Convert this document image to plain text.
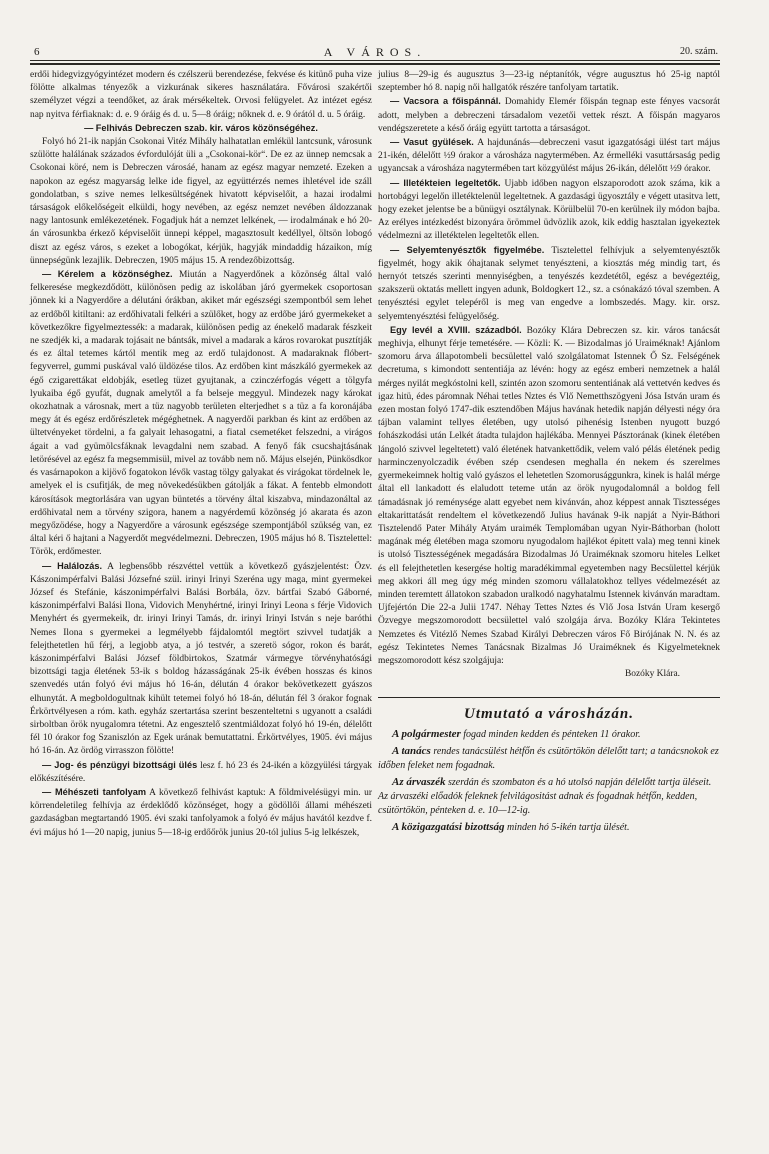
6	A VÁROS.	20. szám.

erdői hidegvizgyógyintézet modern és czélszerü berendezése, fekvése és kitünő puha vize fölötte alkalmas tényezők a vizkurának sikeres használatára. Fővárosi szakértői személyzet végzi a teendőket, az árak mérsékeltek. Orvosi felügyelet. Az intézet egész nap nyitva férfiaknak: d. e. 9 óráig és d. u. 5—8 óráig; nőknek d. e. 9 órától d. u. 5 óráig.

— Felhivás Debreczen szab. kir. város közönségéhez.

Folyó hó 21-ik napján Csokonai Vitéz Mihály halhatatlan emlékül lantcsunk, városunk szülötte halálának százados évfordulóját üli a „Csokonai-kör“. De ez az ünnep nemcsak a Csokonai köré, nem is Debreczen városáé, hanam az egész magyar nemzeté. Ezeken a napokon az egész magyarság lelke ide figyel, az együttérzés nemes ihletével ide száll gondolatban, s szive nemes lelkesültségének hivatott képviselőit, a hazai irodalmi társaságok előkelőségeit elküldi, hogy nevében, az egész nemzet nevében áldozzanak nagy lantosunk emlékezetének. Fogadjuk hát a nemzet lelkének, — irodalmának e hó 20-án városunkba érkező képviselőit ünnepi képpel, magasztosult kedéllyel, öltsön lobogó diszt az egész város, s ezeket a lobogókat, kérjük, hagyják mindaddig házaikon, míg ünnepségünk lezajlik. Debreczen, 1905 május 15. A rendezőbizottság.

— Kérelem a közönséghez. Miután a Nagyerdőnek a közönség által való felkeresése megkezdődött, különösen pedig az iskolában járó gyermekek csoportosan jönnek ki a Nagyerdőre a délutáni órákban, akiket már egészségi szempontból sem lehet az erdőből kitiltani: az erdőhivatali felkéri a szülőket, hogy az erdőbe járó gyermekeket a következőkre figyelmeztessék: a madarak, különösen pedig az énekelő madarak fészkeit ne szedjék ki, a madarak tojásait ne bántsák, mivel a madarak a káros rovarokat pusztítják és ez által tetemes kártól mentik meg az erdő tulajdonost. A madaraknak flóbert-fegyverrel, gummi puskával való üldözése tilos. Az erdőben kint mászkáló gyermekek az égő czigarettákat eldobják, esetleg tüzet gyujtanak, a czinczérfogás végett a tölgyfa lyukaiba égő gyufát, dugnak amelytől a fa belseje meggyul. Mindezek nagy károkat okozhatnak a városnak, mert a tüz nagyobb területen elterjedhet s a tüz a fa koronájába megy át és egész erdőrészletek mégéghetnek. A nagyerdői parkban és kint az erdőben az ültetvényeket tördelni, a fa galyait lehasogatni, a fiatal csemetéket felszedni, a virágos ágait a vad gyümölcsfáknak levagdalni nem szabad. A fenyő fák csucshajtásának letörésével az egész fa megsemmisül, mivel az tovább nem nő. Május elsején, Pünkösdkor és vasárnapokon a kijövő fogatokon lévők vastag tölgy galyakat és virágokat tördelnek le, amelyek el is csufitják, de meg növekedésükben gátolják a fákat. A fentebb elmondott károsítások megtorlására van ugyan büntetés a törvény által kiszabva, mindazonáltal az erdőhivatal nem a törvény szigora, hanem a nagyérdemű közönség jó akarata és azon megyőzödése, hogy a Nagyerdőre a városunk egészsége szempontjából szükség van, ez által kéri ő hajtani a Nagyerdőt megvédelmezni. Debreczen, 1905 május hó 8. Tisztelettel: Török, erdőmester.

— Halálozás. A legbensőbb részvéttel vettük a következő gyászjelentést: Özv. Kászonimpérfalvi Balási Józsefné szül. irinyi Irinyi Szeréna ugy maga, mint gyermekei József és Stefánie, kászonimpérfalvi Balási Borbála, özv. bártfai Szabó Gáborné, kászonimpérfalvi Balási Ilona, Vidovich Menyhértné, irinyi Irinyi Leona s férje Vidovich Menyhért és gyermekeik, dr. irinyi Irinyi Tamás, dr. irinyi Irinyi István s neje baróthi Nemes Ilona s gyermekei a legmélyebb fájdalomtól megtört szivvel tudatják a felejthetetlen hű férj, a legjobb atya, a jó testvér, a szeretö sógor, rokon és barát, kászonimpérfalvi Balási József földbirtokos, Szatmár vármegye törvényhatósági bizottsági tagja életének 53-ik s boldog házasságának 25-ik évében hosszas és kinos szenvedés után folyó évi május hó 16-án, délután 4 órakor bekövetkezett gyászos elhunytát. A megboldogultnak kihült tetemei folyó hó 18-án, délután fél 3 órakor fognak Érkörtvélyesen a róm. kath. egyház szertartása szerint beszenteltetni s ugyanott a családi sirboltban örök nyugalomra tétetni. Az engesztelő szentmiáldozat folyó hó 19-én, délelőtt fél 10 órakor fog Szaniszlón az Egek urának bemutattatni. Érkörtvélyes, 1905. évi május hó 16-án. Az ördög virrasszon fölötte!

— Jog- és pénzügyi bizottsági ülés lesz f. hó 23 és 24-ikén a közgyülési tárgyak előkészítésére.

— Méhészeti tanfolyam A következő felhivást kaptuk: A földmivelésügyi min. ur körrendeletileg felhívja az érdeklődő közönséget, hogy a gödöllői állami méhészeti gazdaságban megtartandó 1905. évi szaki tanfolyamok a folyó év május havától kezdve f. évi május hó 1—20 napig, junius 5—18-ig erdőőrök junius 20-tól julius 5-ig lelkészek,

julius 8—29-ig és augusztus 3—23-ig néptanítók, végre augusztus hó 25-ig naptól szeptember hó 8. napig női hallgatók részére tanfolyam tartatik.

— Vacsora a főispánnál. Domahidy Elemér főispán tegnap este fényes vacsorát adott, melyben a debreczeni társadalom vezetői vettek részt. A főispán magyaros vendégszeretete a késő óráig együtt tartotta a társaságot.

— Vasut gyülések. A hajdunánás—debreczeni vasut igazgatósági ülést tart május 21-ikén, délelőtt ½9 órakor a városháza nagytermében. Az érmelléki vasuttársaság pedig ugyancsak a városháza nagytermében tart közgyülést május 26-ikán, délelőtt ½9 órakor.

— Illetékteien legeltetők. Ujabb időben nagyon elszaporodott azok száma, kik a hortobágyi legelőn illetéktelenül legeltetnek. A gazdasági ügyosztály e végett utasitva lett, hogy ezeket jelentse be a bünügyi osztálynak. Körülbelül 70-en kerülnek ily módon bajba. Az erélyes intézkedést bizonyára örömmel üdvözlik azok, kik eddig hasztalan igyekeztek védelmezni az illetéktelen legeltetők ellen.

— Selyemtenyésztők figyelmébe. Tisztelettel felhívjuk a selyemtenyésztők figyelmét, hogy akik óhajtanak selymet tenyészteni, a kiosztás még mindig tart, és hernyót tetszés szerinti mennyiségben, a tenyészés kezdetétől, egész a bevégeztéig, szakszerü oktatás mellett ingyen adunk, Boldogkert 12., sz. a csónakázó tóval szemben. A tenyésztési egylet telepéről is meg van engedve a lombszedés. Magy. kir. orsz. selyemtenyésztési felügyelőség.

Egy levél a XVIII. századból. Bozóky Klára Debreczen sz. kir. város tanácsát meghivja, elhunyt férje temetésére. — Közli: K. — Bizodalmas jó Uraiméknak! Ajánlom szomoru árva állapotombeli becsülettel való szolgálatomat Istennek Ő Sz. Felségének decretuma, s kimondott sententiája az lévén: hogy az egész emberi nemzetnek a halál mérges nyilát megkóstolni kell, szintén azon szomoru sententiának alá vettetvén kedves és igaz hitü, édes páromnak Néhai tetles Nztes és Vlő Nemetthszögyeni Jósa István uram és ezen mostan folyó 1747-dik esztendőben Május havának hetedik napján délyesti négy óra tájban valamint tellyes életében, ugy utolsó pihenésig Istenben nyugott buzgó fohászkodási után Lelkét átadta tulajdon hajlékába. Mennyei Pásztorának (kinek életében lángoló szivvel legeltetett) való életének hatvankettődik, velem való pélás életének pedig harminczenyolczadik évében szép csendesen meghalla én nekem és szerelmes gyermekeimnek holtig való gyászos el lehetetlen Szomorusággunkra, kinek is halál mérge által ell lankadott és elaludott teteme után az örök nyugodalomnál a boldog fell támadásnak jó reménysége alatt egyebet nem kivánván, ahoz képpest annak Tisztességes eltakarittatását rendeltem el következendő Julius havának 9-ik napját a Nyir-Báthori Tisztelendő Pater Mihály Atyám uraimék Templomában ugyan Nyir-Báthorban (holott magának még életében maga szomoru nyugodalom hajlékot épitett vala) meg tenni kinek is utolsó Tisztességének megadására Bizodalmas Jó Uraiméknak szomoru hiteles Lelket és ell felejthetetlen kesergése holtig maradékimmal egyetemben nagy Becsülettel kérjük meg akkori áll meg úgy még minden szomoru vállalatokhoz tellyes védelmezését az minden teremtett állatokon szabadon uralkodó nagyhatalmu Istennek kivánván maradtam. Ujfejértón Die 22-a Julii 1747. Néhay Tettes Nztes és Vlő Josa István Uram kesergő Özvegye megszomorodott becsülettel való szolgája árva. Bozóky Klára Tekintetes Nemzetes és Vitézlő Nemes Szabad Királyi Debreczen város Fő Birójának N. N. és az egész Tekintetes Nemes Tanácsnak Bizalmas Jó Uraiméknek és Kigyelmeteknek megszomorodott kész szolgájuja:

Bozóky Klára.

Utmutató a városházán.

A polgármester fogad minden kedden és pénteken 11 órakor.

A tanács rendes tanácsülést hétfőn és csütörtökön délelőtt tart; a tanácsnokok ez időben feleket nem fogadnak.

Az árvaszék szerdán és szombaton és a hó utolsó napján délelőtt tartja üléseit. Az árvaszéki előadók feleknek felvilágositást adnak és fogadnak hétfőn, kedden, csütörtökön, pénteken d. e. 10—12-ig.

A közigazgatási bizottság minden hó 5-ikén tartja ülését.
